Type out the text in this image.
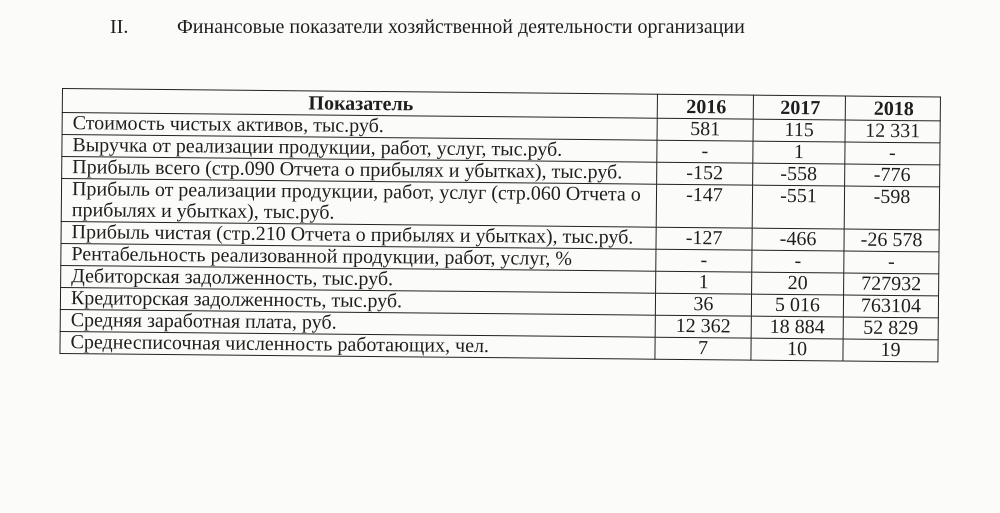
II. Финансовые показатели хозяйственной деятельности организации
Показатель	2016	2017	2018
Стоимость чистых активов, тыс.руб.	581	115	12 331
Выручка от реализации продукции, работ, услуг, тыс.руб.	-	1	-
Прибыль всего (стр.090 Отчета о прибылях и убытках), тыс.руб.	-152	-558	-776
Прибыль от реализации продукции, работ, услуг (стр.060 Отчета о прибылях и убытках), тыс.руб.	-147	-551	-598
Прибыль чистая (стр.210 Отчета о прибылях и убытках), тыс.руб.	-127	-466	-26 578
Рентабельность реализованной продукции, работ, услуг, %	-	-	-
Дебиторская задолженность, тыс.руб.	1	20	727932
Кредиторская задолженность, тыс.руб.	36	5 016	763104
Средняя заработная плата, руб.	12 362	18 884	52 829
Среднесписочная численность работающих, чел.	7	10	19
